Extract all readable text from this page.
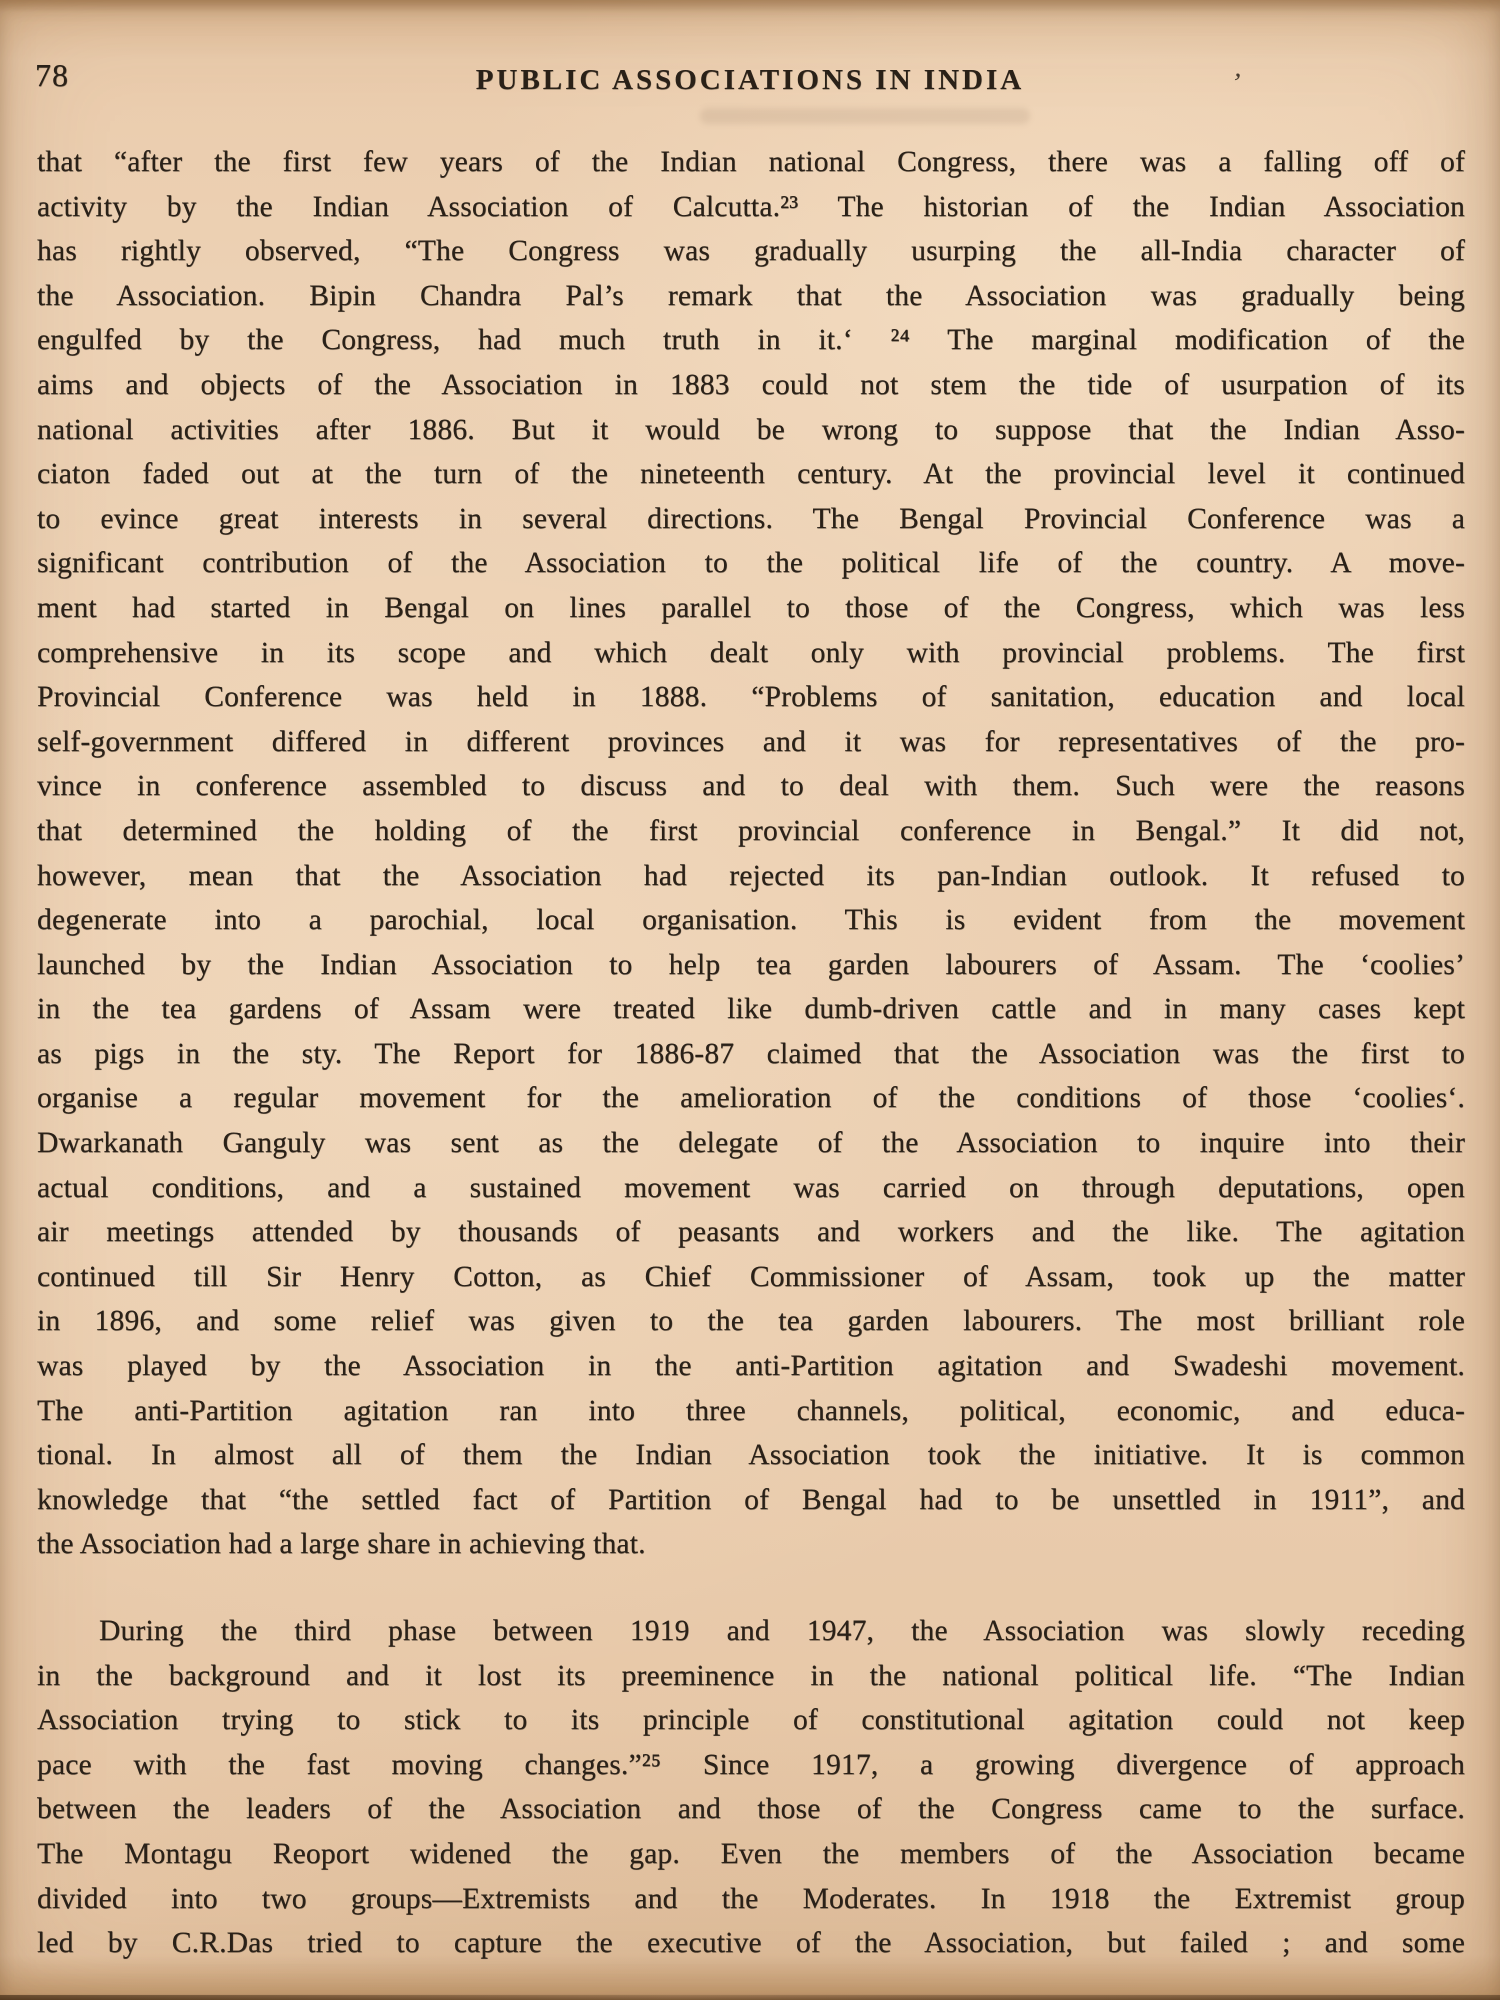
78	PUBLIC ASSOCIATIONS IN INDIA	’
that “after the first few years of the Indian national Congress, there was a falling off of
activity by the Indian Association of Calcutta.²³ The historian of the Indian Association
has rightly observed, “The Congress was gradually usurping the all-India character of
the Association. Bipin Chandra Pal’s remark that the Association was gradually being
engulfed by the Congress, had much truth in it.‘ ²⁴ The marginal modification of the
aims and objects of the Association in 1883 could not stem the tide of usurpation of its
national activities after 1886. But it would be wrong to suppose that the Indian Asso-
ciaton faded out at the turn of the nineteenth century. At the provincial level it continued
to evince great interests in several directions. The Bengal Provincial Conference was a
significant contribution of the Association to the political life of the country. A move-
ment had started in Bengal on lines parallel to those of the Congress, which was less
comprehensive in its scope and which dealt only with provincial problems. The first
Provincial Conference was held in 1888. “Problems of sanitation, education and local
self-government differed in different provinces and it was for representatives of the pro-
vince in conference assembled to discuss and to deal with them. Such were the reasons
that determined the holding of the first provincial conference in Bengal.” It did not,
however, mean that the Association had rejected its pan-Indian outlook. It refused to
degenerate into a parochial, local organisation. This is evident from the movement
launched by the Indian Association to help tea garden labourers of Assam. The ‘coolies’
in the tea gardens of Assam were treated like dumb-driven cattle and in many cases kept
as pigs in the sty. The Report for 1886-87 claimed that the Association was the first to
organise a regular movement for the amelioration of the conditions of those ‘coolies‘.
Dwarkanath Ganguly was sent as the delegate of the Association to inquire into their
actual conditions, and a sustained movement was carried on through deputations, open
air meetings attended by thousands of peasants and workers and the like. The agitation
continued till Sir Henry Cotton, as Chief Commissioner of Assam, took up the matter
in 1896, and some relief was given to the tea garden labourers. The most brilliant role
was played by the Association in the anti-Partition agitation and Swadeshi movement.
The anti-Partition agitation ran into three channels, political, economic, and educa-
tional. In almost all of them the Indian Association took the initiative. It is common
knowledge that “the settled fact of Partition of Bengal had to be unsettled in 1911”, and
the Association had a large share in achieving that.
During the third phase between 1919 and 1947, the Association was slowly receding
in the background and it lost its preeminence in the national political life. “The Indian
Association trying to stick to its principle of constitutional agitation could not keep
pace with the fast moving changes.”²⁵ Since 1917, a growing divergence of approach
between the leaders of the Association and those of the Congress came to the surface.
The Montagu Reoport widened the gap. Even the members of the Association became
divided into two groups—Extremists and the Moderates. In 1918 the Extremist group
led by C.R.Das tried to capture the executive of the Association, but failed ; and some
